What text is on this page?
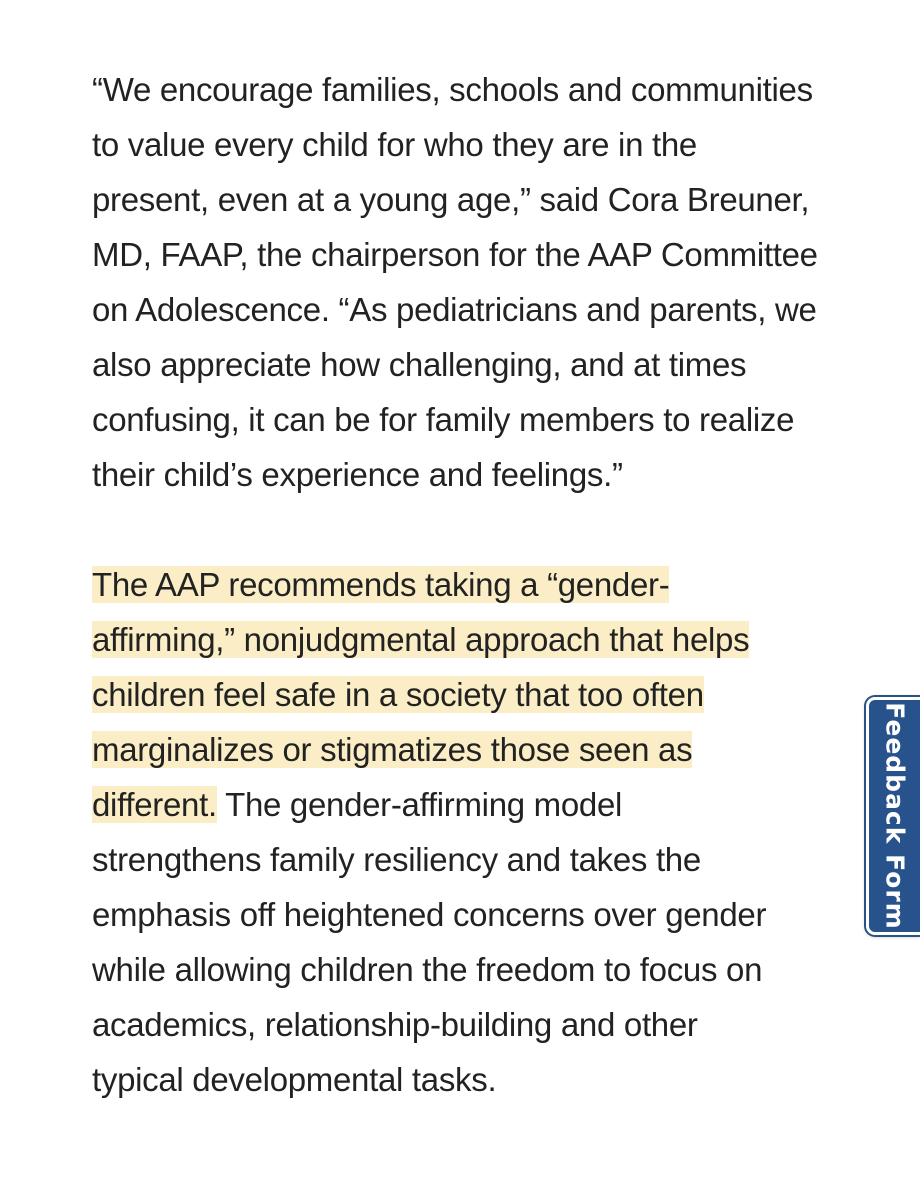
“We encourage families, schools and communities
to value every child for who they are in the
present, even at a young age,” said Cora Breuner,
MD, FAAP, the chairperson for the AAP Committee
on Adolescence. “As pediatricians and parents, we
also appreciate how challenging, and at times
confusing, it can be for family members to realize
their child’s experience and feelings.”

The AAP recommends taking a “gender-
affirming,” nonjudgmental approach that helps
children feel safe in a society that too often
marginalizes or stigmatizes those seen as
different. The gender-affirming model
strengthens family resiliency and takes the
emphasis off heightened concerns over gender
while allowing children the freedom to focus on
academics, relationship-building and other
typical developmental tasks.

Feedback Form
